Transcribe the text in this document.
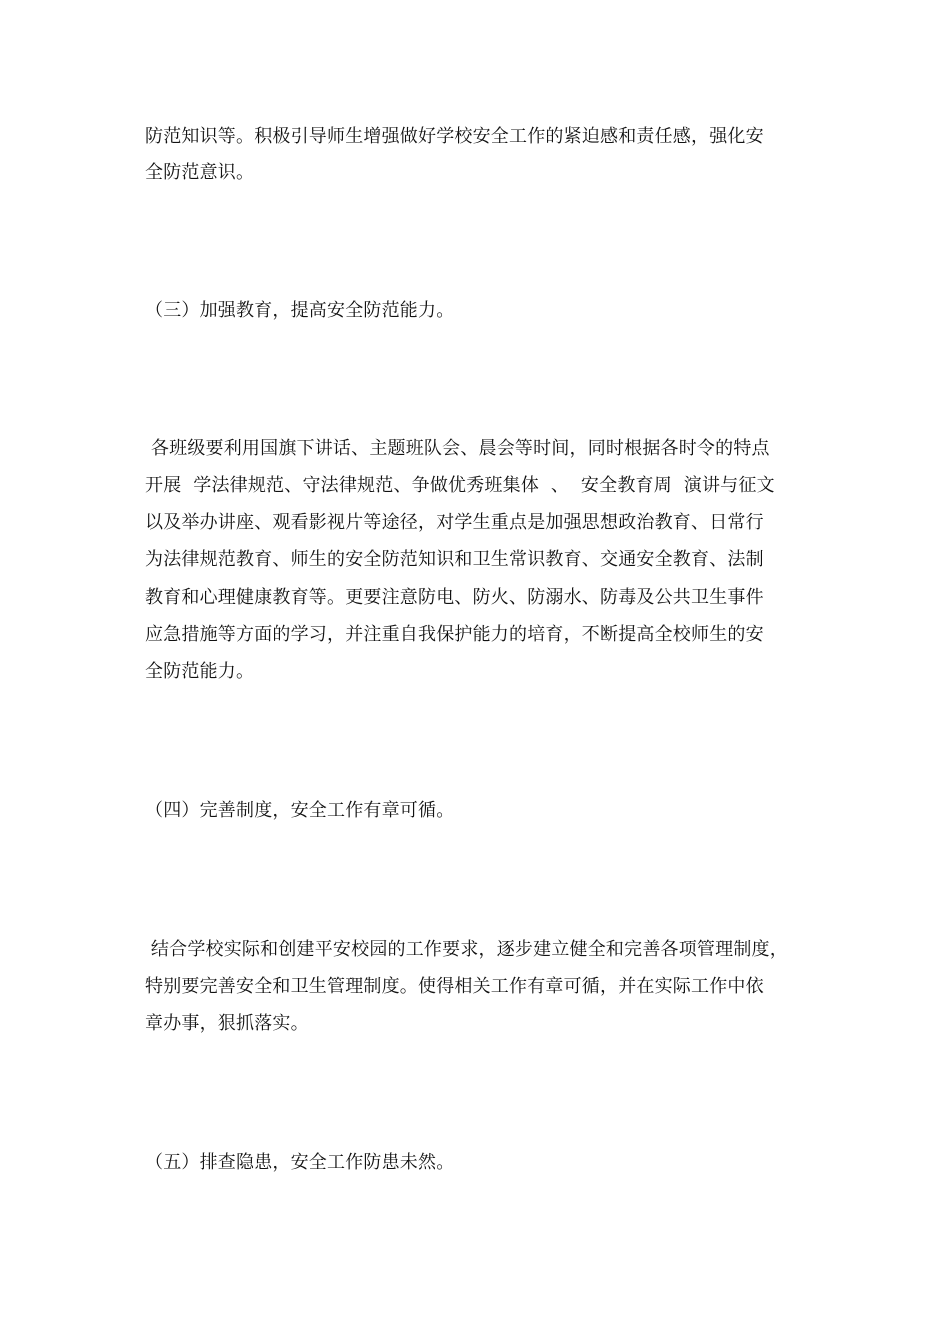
防范知识等。积极引导师生增强做好学校安全工作的紧迫感和责任感，强化安
全防范意识。
（三）加强教育，提高安全防范能力。
各班级要利用国旗下讲话、主题班队会、晨会等时间，同时根据各时令的特点
开展  学法律规范、守法律规范、争做优秀班集体  、  安全教育周  演讲与征文
以及举办讲座、观看影视片等途径，对学生重点是加强思想政治教育、日常行
为法律规范教育、师生的安全防范知识和卫生常识教育、交通安全教育、法制
教育和心理健康教育等。更要注意防电、防火、防溺水、防毒及公共卫生事件
应急措施等方面的学习，并注重自我保护能力的培育，不断提高全校师生的安
全防范能力。
（四）完善制度，安全工作有章可循。
结合学校实际和创建平安校园的工作要求，逐步建立健全和完善各项管理制度，
特别要完善安全和卫生管理制度。使得相关工作有章可循，并在实际工作中依
章办事，狠抓落实。
（五）排查隐患，安全工作防患未然。
